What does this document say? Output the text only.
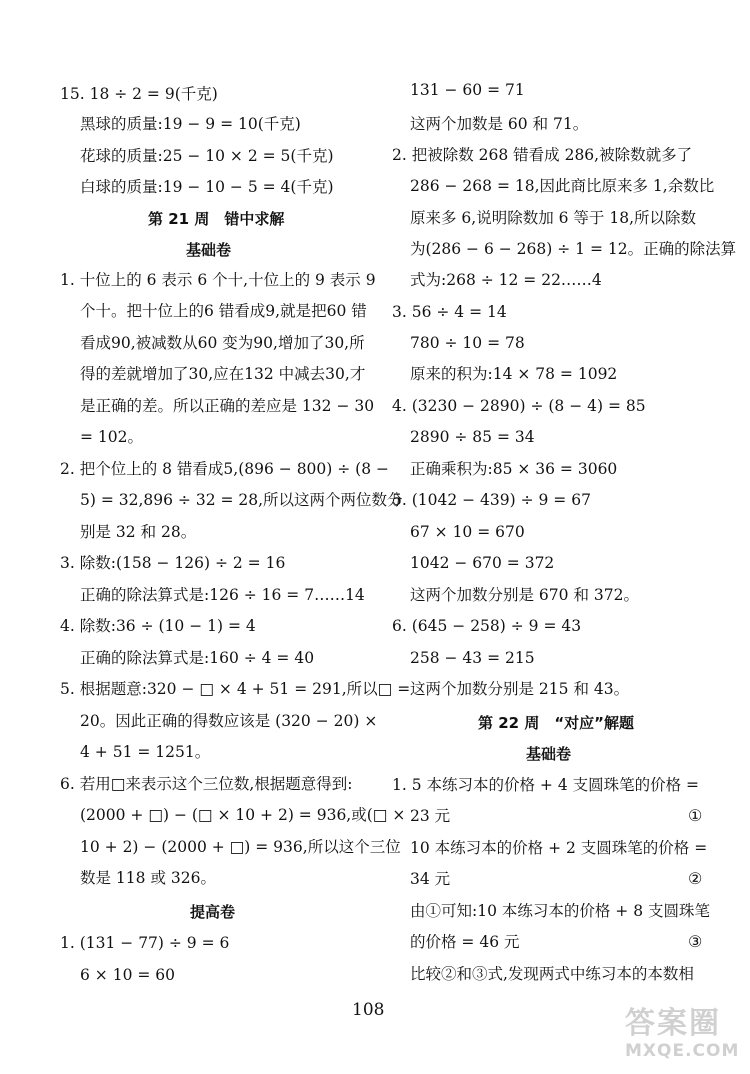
15. 18 ÷ 2 = 9(千克)
黑球的质量:19 − 9 = 10(千克)
花球的质量:25 − 10 × 2 = 5(千克)
白球的质量:19 − 10 − 5 = 4(千克)
第 21 周　错中求解
基础卷
1. 十位上的 6 表示 6 个十,十位上的 9 表示 9
个十。把十位上的6 错看成9,就是把60 错
看成90,被减数从60 变为90,增加了30,所
得的差就增加了30,应在132 中减去30,才
是正确的差。所以正确的差应是 132 − 30
= 102。
2. 把个位上的 8 错看成5,(896 − 800) ÷ (8 −
5) = 32,896 ÷ 32 = 28,所以这两个两位数分
别是 32 和 28。
3. 除数:(158 − 126) ÷ 2 = 16
正确的除法算式是:126 ÷ 16 = 7……14
4. 除数:36 ÷ (10 − 1) = 4
正确的除法算式是:160 ÷ 4 = 40
5. 根据题意:320 − □ × 4 + 51 = 291,所以□ =
20。因此正确的得数应该是 (320 − 20) ×
4 + 51 = 1251。
6. 若用□来表示这个三位数,根据题意得到:
(2000 + □) − (□ × 10 + 2) = 936,或(□ ×
10 + 2) − (2000 + □) = 936,所以这个三位
数是 118 或 326。
提高卷
1. (131 − 77) ÷ 9 = 6
6 × 10 = 60
131 − 60 = 71
这两个加数是 60 和 71。
2. 把被除数 268 错看成 286,被除数就多了
286 − 268 = 18,因此商比原来多 1,余数比
原来多 6,说明除数加 6 等于 18,所以除数
为(286 − 6 − 268) ÷ 1 = 12。正确的除法算
式为:268 ÷ 12 = 22……4
3. 56 ÷ 4 = 14
780 ÷ 10 = 78
原来的积为:14 × 78 = 1092
4. (3230 − 2890) ÷ (8 − 4) = 85
2890 ÷ 85 = 34
正确乘积为:85 × 36 = 3060
5. (1042 − 439) ÷ 9 = 67
67 × 10 = 670
1042 − 670 = 372
这两个加数分别是 670 和 372。
6. (645 − 258) ÷ 9 = 43
258 − 43 = 215
这两个加数分别是 215 和 43。
第 22 周　“对应”解题
基础卷
1. 5 本练习本的价格 + 4 支圆珠笔的价格 =
23 元	①
10 本练习本的价格 + 2 支圆珠笔的价格 =
34 元	②
由①可知:10 本练习本的价格 + 8 支圆珠笔
的价格 = 46 元	③
比较②和③式,发现两式中练习本的本数相
108	答案圈
MXQE.COM
